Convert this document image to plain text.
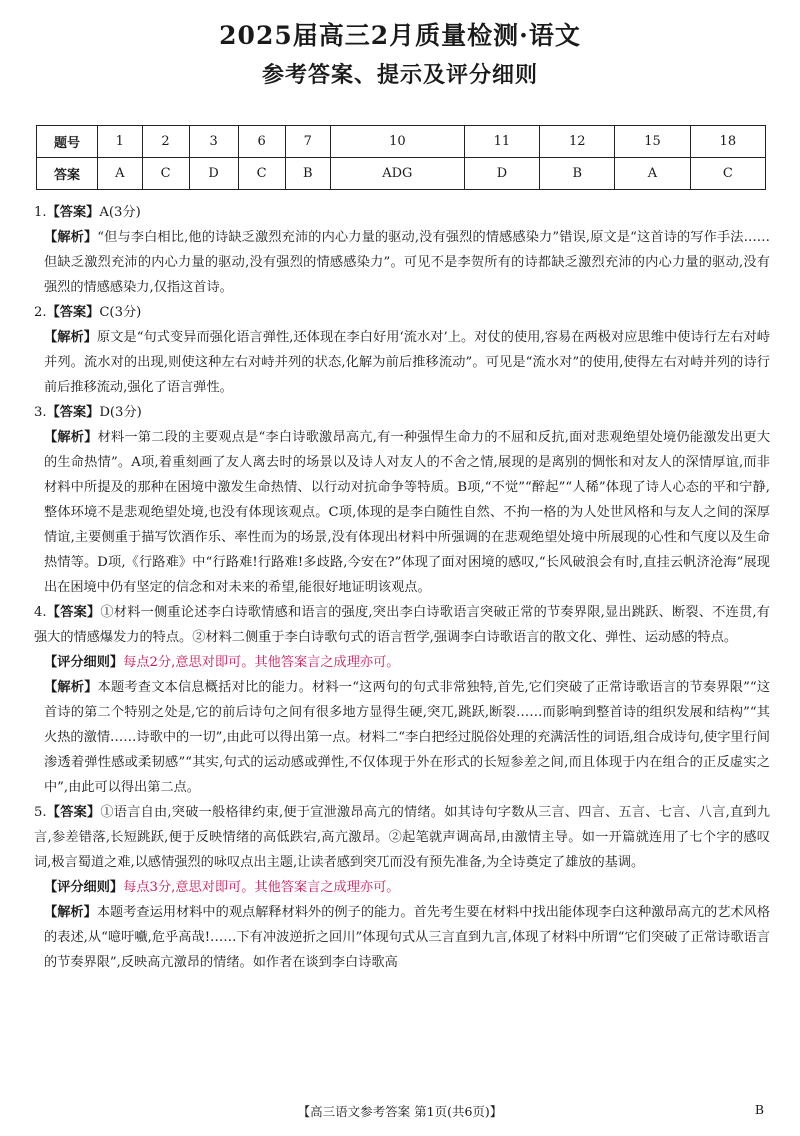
2025届高三2月质量检测·语文
参考答案、提示及评分细则
题号	1	2	3	6	7	10	11	12	15	18
答案	A	C	D	C	B	ADG	D	B	A	C

1.【答案】A(3分)

【解析】“但与李白相比,他的诗缺乏激烈充沛的内心力量的驱动,没有强烈的情感感染力”错误,原文是“这首诗的写作手法……但缺乏激烈充沛的内心力量的驱动,没有强烈的情感感染力”。可见不是李贺所有的诗都缺乏激烈充沛的内心力量的驱动,没有强烈的情感感染力,仅指这首诗。

2.【答案】C(3分)

【解析】原文是“句式变异而强化语言弹性,还体现在李白好用‘流水对’上。对仗的使用,容易在两极对应思维中使诗行左右对峙并列。流水对的出现,则使这种左右对峙并列的状态,化解为前后推移流动”。可见是“流水对”的使用,使得左右对峙并列的诗行前后推移流动,强化了语言弹性。

3.【答案】D(3分)

【解析】材料一第二段的主要观点是“李白诗歌激昂高亢,有一种强悍生命力的不屈和反抗,面对悲观绝望处境仍能激发出更大的生命热情”。A项,着重刻画了友人离去时的场景以及诗人对友人的不舍之情,展现的是离别的惆怅和对友人的深情厚谊,而非材料中所提及的那种在困境中激发生命热情、以行动对抗命争等特质。B项,“不觉”“醉起”“人稀”体现了诗人心态的平和宁静,整体环境不是悲观绝望处境,也没有体现该观点。C项,体现的是李白随性自然、不拘一格的为人处世风格和与友人之间的深厚情谊,主要侧重于描写饮酒作乐、率性而为的场景,没有体现出材料中所强调的在悲观绝望处境中所展现的心性和气度以及生命热情等。D项,《行路难》中“行路难!行路难!多歧路,今安在?”体现了面对困境的感叹,“长风破浪会有时,直挂云帆济沧海”展现出在困境中仍有坚定的信念和对未来的希望,能很好地证明该观点。

4.【答案】①材料一侧重论述李白诗歌情感和语言的强度,突出李白诗歌语言突破正常的节奏界限,显出跳跃、断裂、不连贯,有强大的情感爆发力的特点。②材料二侧重于李白诗歌句式的语言哲学,强调李白诗歌语言的散文化、弹性、运动感的特点。

【评分细则】每点2分,意思对即可。其他答案言之成理亦可。

【解析】本题考查文本信息概括对比的能力。材料一“这两句的句式非常独特,首先,它们突破了正常诗歌语言的节奏界限”“这首诗的第二个特别之处是,它的前后诗句之间有很多地方显得生硬,突兀,跳跃,断裂……而影响到整首诗的组织发展和结构”“其火热的激情……诗歌中的一切”,由此可以得出第一点。材料二“李白把经过脱俗处理的充满活性的词语,组合成诗句,使字里行间渗透着弹性感或柔韧感”“其实,句式的运动感或弹性,不仅体现于外在形式的长短参差之间,而且体现于内在组合的正反虚实之中”,由此可以得出第二点。

5.【答案】①语言自由,突破一般格律约束,便于宣泄激昂高亢的情绪。如其诗句字数从三言、四言、五言、七言、八言,直到九言,参差错落,长短跳跃,便于反映情绪的高低跌宕,高亢激昂。②起笔就声调高昂,由激情主导。如一开篇就连用了七个字的感叹词,极言蜀道之难,以感情强烈的咏叹点出主题,让读者感到突兀而没有预先准备,为全诗奠定了雄放的基调。

【评分细则】每点3分,意思对即可。其他答案言之成理亦可。

【解析】本题考查运用材料中的观点解释材料外的例子的能力。首先考生要在材料中找出能体现李白这种激昂高亢的艺术风格的表述,从“噫吁嚱,危乎高哉!……下有冲波逆折之回川”体现句式从三言直到九言,体现了材料中所谓“它们突破了正常诗歌语言的节奏界限”,反映高亢激昂的情绪。如作者在谈到李白诗歌高

【高三语文参考答案 第1页(共6页)】	B
